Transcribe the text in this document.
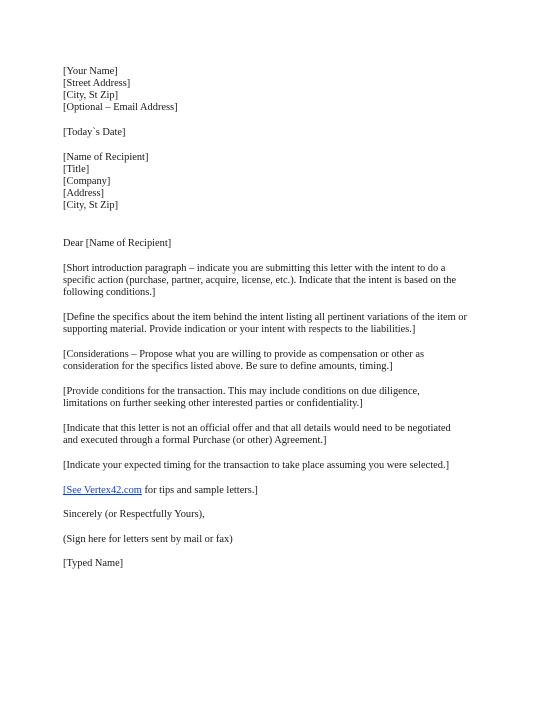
[Your Name]
[Street Address]
[City, St Zip]
[Optional – Email Address]
[Today`s Date]
[Name of Recipient]
[Title]
[Company]
[Address]
[City, St Zip]
Dear [Name of Recipient]
[Short introduction paragraph – indicate you are submitting this letter with the intent to do a
specific action (purchase, partner, acquire, license, etc.). Indicate that the intent is based on the
following conditions.]
[Define the specifics about the item behind the intent listing all pertinent variations of the item or
supporting material. Provide indication or your intent with respects to the liabilities.]
[Considerations – Propose what you are willing to provide as compensation or other as
consideration for the specifics listed above. Be sure to define amounts, timing.]
[Provide conditions for the transaction. This may include conditions on due diligence,
limitations on further seeking other interested parties or confidentiality.]
[Indicate that this letter is not an official offer and that all details would need to be negotiated
and executed through a formal Purchase (or other) Agreement.]
[Indicate your expected timing for the transaction to take place assuming you were selected.]
[See Vertex42.com for tips and sample letters.]
Sincerely (or Respectfully Yours),
(Sign here for letters sent by mail or fax)
[Typed Name]
